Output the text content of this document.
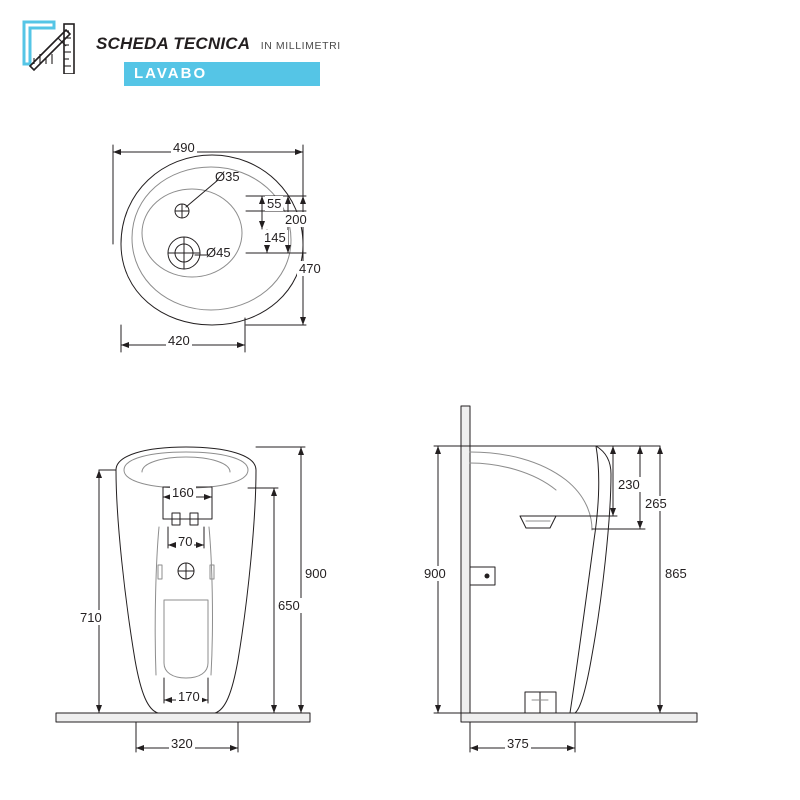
SCHEDA TECNICA IN MILLIMETRI
LAVABO
490
Ø35
Ø45
55
200
145
470
420
160
70
170
320
710
650
900
230
265
900	865
375
